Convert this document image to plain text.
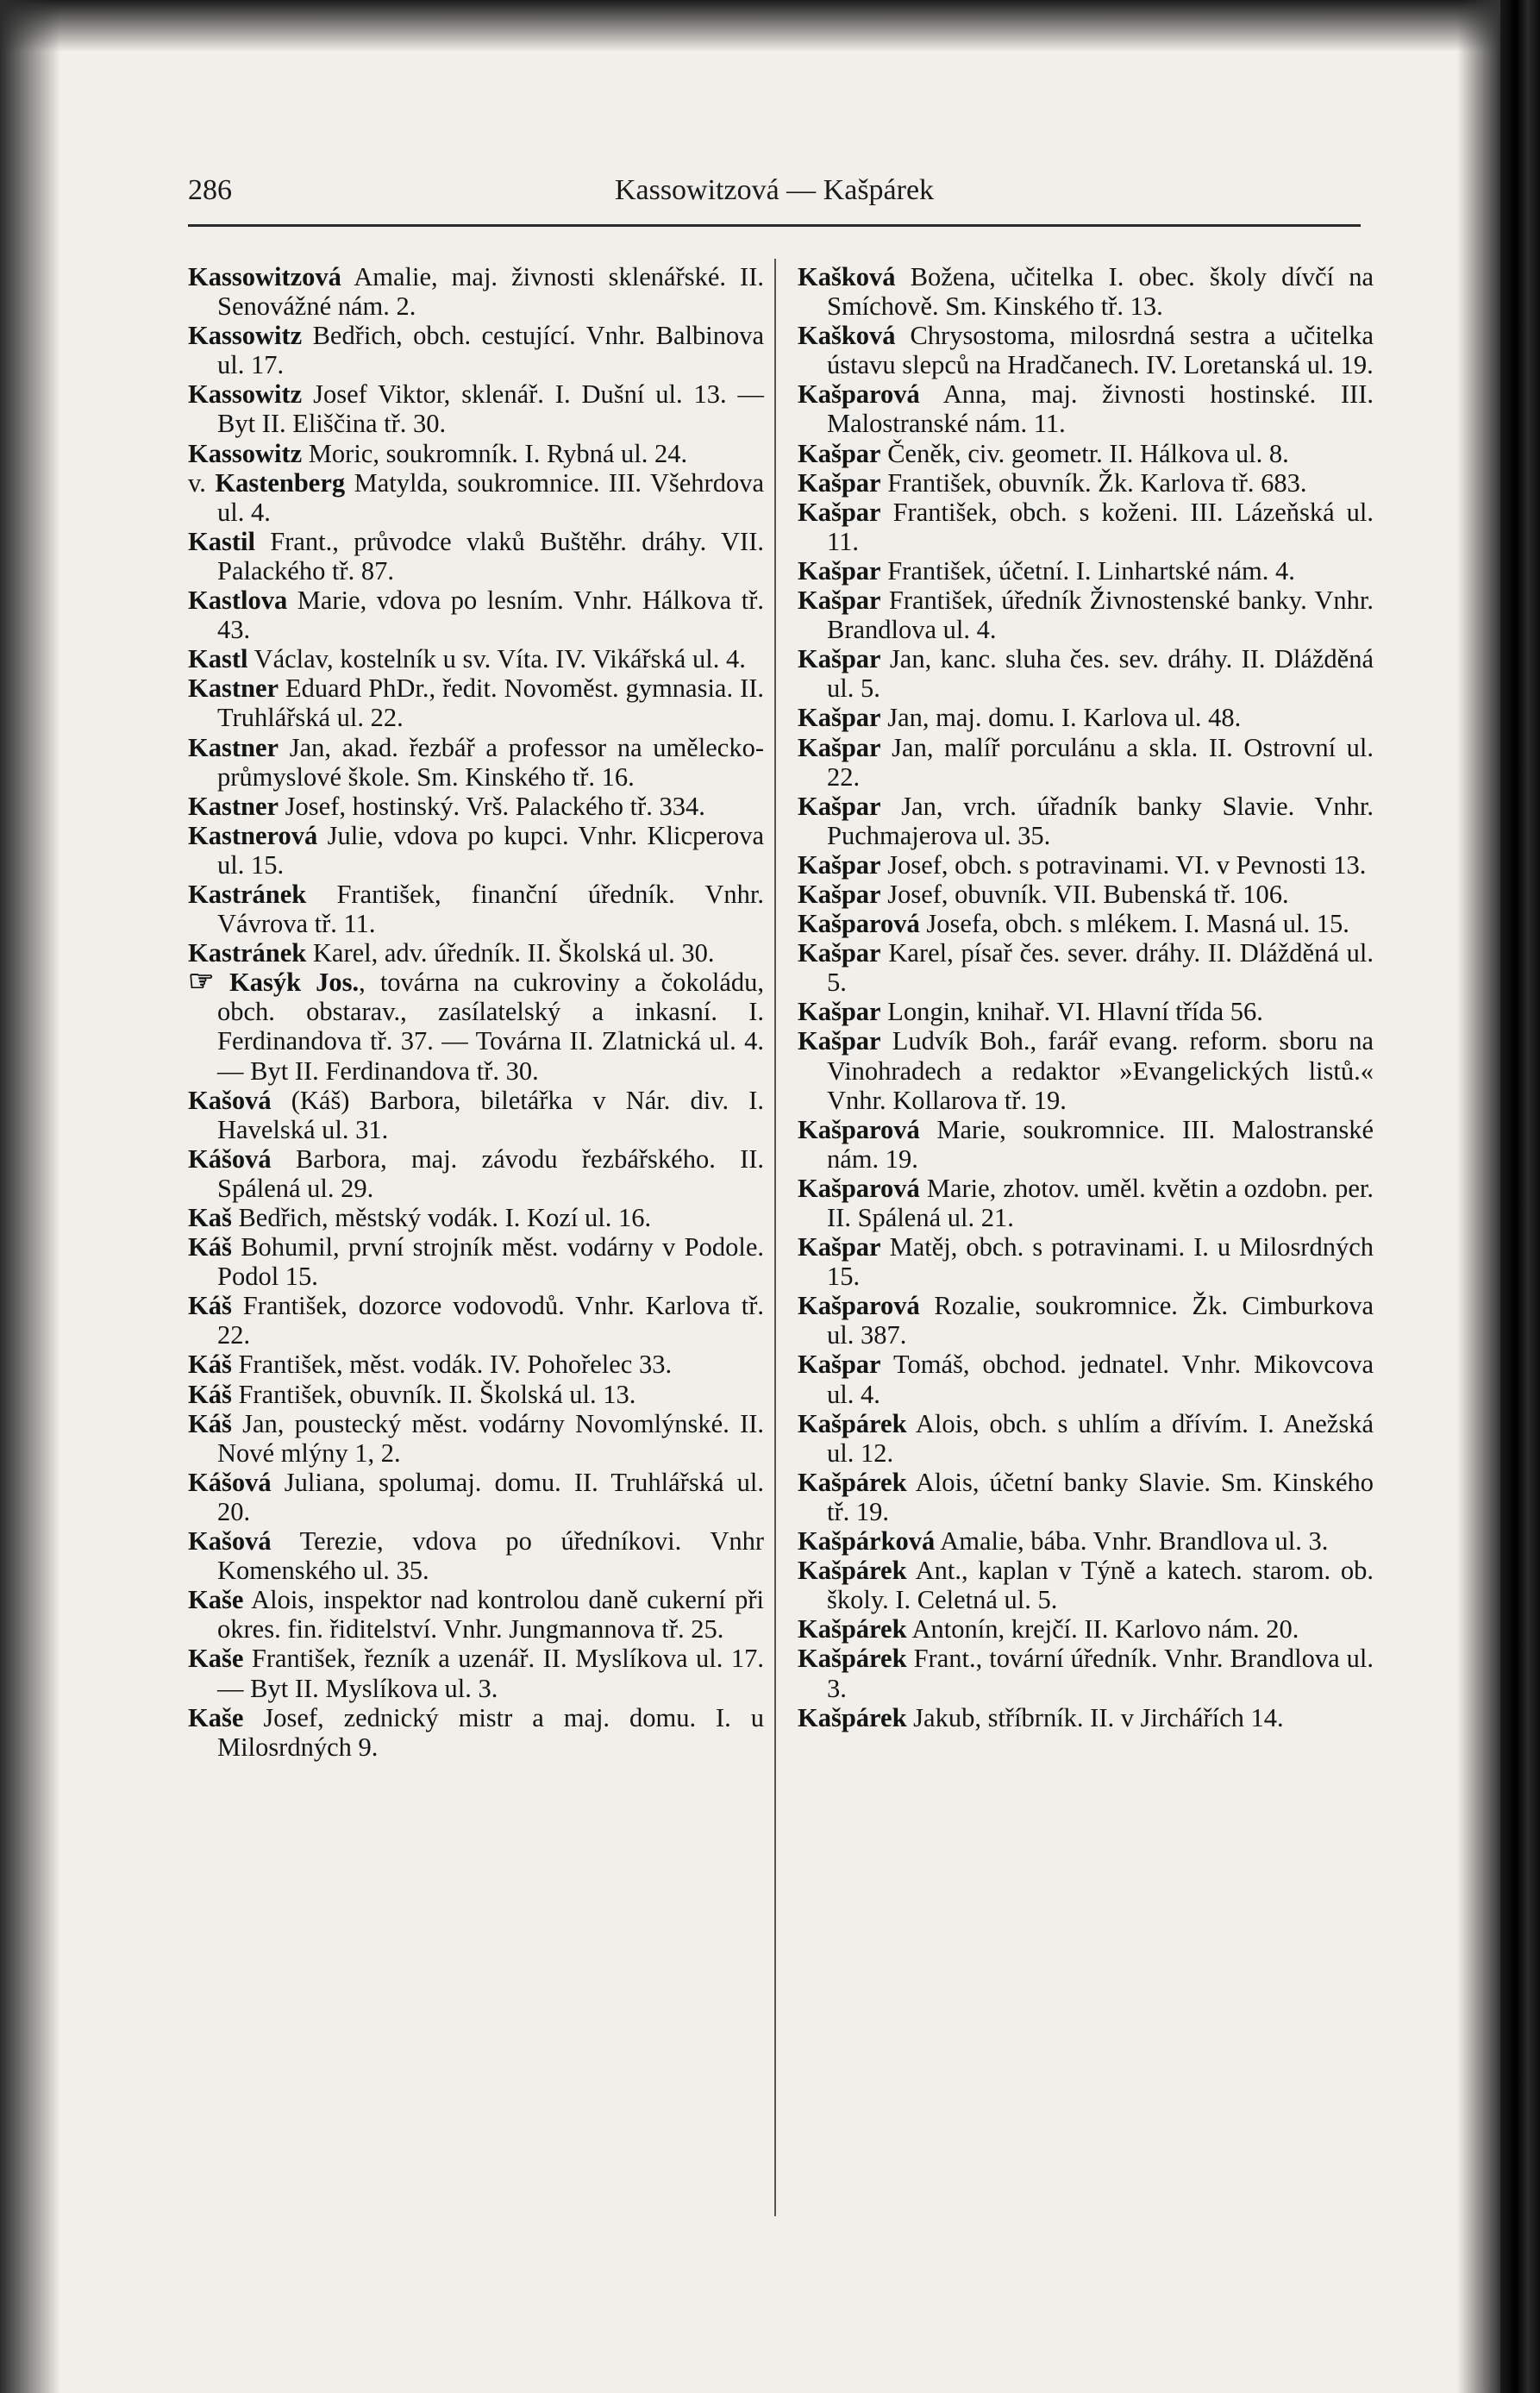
286	Kassowitzová — Kašpárek

Kassowitzová Amalie, maj. živnosti sklenářské. II. Senovážné nám. 2.

Kassowitz Bedřich, obch. cestující. Vnhr. Balbinova ul. 17.

Kassowitz Josef Viktor, sklenář. I. Dušní ul. 13. — Byt II. Eliščina tř. 30.

Kassowitz Moric, soukromník. I. Rybná ul. 24.

v. Kastenberg Matylda, soukromnice. III. Všehrdova ul. 4.

Kastil Frant., průvodce vlaků Buštěhr. dráhy. VII. Palackého tř. 87.

Kastlova Marie, vdova po lesním. Vnhr. Hálkova tř. 43.

Kastl Václav, kostelník u sv. Víta. IV. Vikářská ul. 4.

Kastner Eduard PhDr., ředit. Novoměst. gymnasia. II. Truhlářská ul. 22.

Kastner Jan, akad. řezbář a professor na umělecko-průmyslové škole. Sm. Kinského tř. 16.

Kastner Josef, hostinský. Vrš. Palackého tř. 334.

Kastnerová Julie, vdova po kupci. Vnhr. Klicperova ul. 15.

Kastránek František, finanční úředník. Vnhr. Vávrova tř. 11.

Kastránek Karel, adv. úředník. II. Školská ul. 30.

☞ Kasýk Jos., továrna na cukroviny a čokoládu, obch. obstarav., zasílatelský a inkasní. I. Ferdinandova tř. 37. — Továrna II. Zlatnická ul. 4. — Byt II. Ferdinandova tř. 30.

Kašová (Káš) Barbora, biletářka v Nár. div. I. Havelská ul. 31.

Kášová Barbora, maj. závodu řezbářského. II. Spálená ul. 29.

Kaš Bedřich, městský vodák. I. Kozí ul. 16.

Káš Bohumil, první strojník měst. vodárny v Podole. Podol 15.

Káš František, dozorce vodovodů. Vnhr. Karlova tř. 22.

Káš František, měst. vodák. IV. Pohořelec 33.

Káš František, obuvník. II. Školská ul. 13.

Káš Jan, poustecký měst. vodárny Novomlýnské. II. Nové mlýny 1, 2.

Kášová Juliana, spolumaj. domu. II. Truhlářská ul. 20.

Kašová Terezie, vdova po úředníkovi. Vnhr Komenského ul. 35.

Kaše Alois, inspektor nad kontrolou daně cukerní při okres. fin. řiditelství. Vnhr. Jungmannova tř. 25.

Kaše František, řezník a uzenář. II. Myslíkova ul. 17. — Byt II. Myslíkova ul. 3.

Kaše Josef, zednický mistr a maj. domu. I. u Milosrdných 9.

Kašková Božena, učitelka I. obec. školy dívčí na Smíchově. Sm. Kinského tř. 13.

Kašková Chrysostoma, milosrdná sestra a učitelka ústavu slepců na Hradčanech. IV. Loretanská ul. 19.

Kašparová Anna, maj. živnosti hostinské. III. Malostranské nám. 11.

Kašpar Čeněk, civ. geometr. II. Hálkova ul. 8.

Kašpar František, obuvník. Žk. Karlova tř. 683.

Kašpar František, obch. s koženi. III. Lázeňská ul. 11.

Kašpar František, účetní. I. Linhartské nám. 4.

Kašpar František, úředník Živnostenské banky. Vnhr. Brandlova ul. 4.

Kašpar Jan, kanc. sluha čes. sev. dráhy. II. Dlážděná ul. 5.

Kašpar Jan, maj. domu. I. Karlova ul. 48.

Kašpar Jan, malíř porculánu a skla. II. Ostrovní ul. 22.

Kašpar Jan, vrch. úřadník banky Slavie. Vnhr. Puchmajerova ul. 35.

Kašpar Josef, obch. s potravinami. VI. v Pevnosti 13.

Kašpar Josef, obuvník. VII. Bubenská tř. 106.

Kašparová Josefa, obch. s mlékem. I. Masná ul. 15.

Kašpar Karel, písař čes. sever. dráhy. II. Dlážděná ul. 5.

Kašpar Longin, knihař. VI. Hlavní třída 56.

Kašpar Ludvík Boh., farář evang. reform. sboru na Vinohradech a redaktor »Evangelických listů.« Vnhr. Kollarova tř. 19.

Kašparová Marie, soukromnice. III. Malostranské nám. 19.

Kašparová Marie, zhotov. uměl. květin a ozdobn. per. II. Spálená ul. 21.

Kašpar Matěj, obch. s potravinami. I. u Milosrdných 15.

Kašparová Rozalie, soukromnice. Žk. Cimburkova ul. 387.

Kašpar Tomáš, obchod. jednatel. Vnhr. Mikovcova ul. 4.

Kašpárek Alois, obch. s uhlím a dřívím. I. Anežská ul. 12.

Kašpárek Alois, účetní banky Slavie. Sm. Kinského tř. 19.

Kašpárková Amalie, bába. Vnhr. Brandlova ul. 3.

Kašpárek Ant., kaplan v Týně a katech. starom. ob. školy. I. Celetná ul. 5.

Kašpárek Antonín, krejčí. II. Karlovo nám. 20.

Kašpárek Frant., tovární úředník. Vnhr. Brandlova ul. 3.

Kašpárek Jakub, stříbrník. II. v Jirchářích 14.
